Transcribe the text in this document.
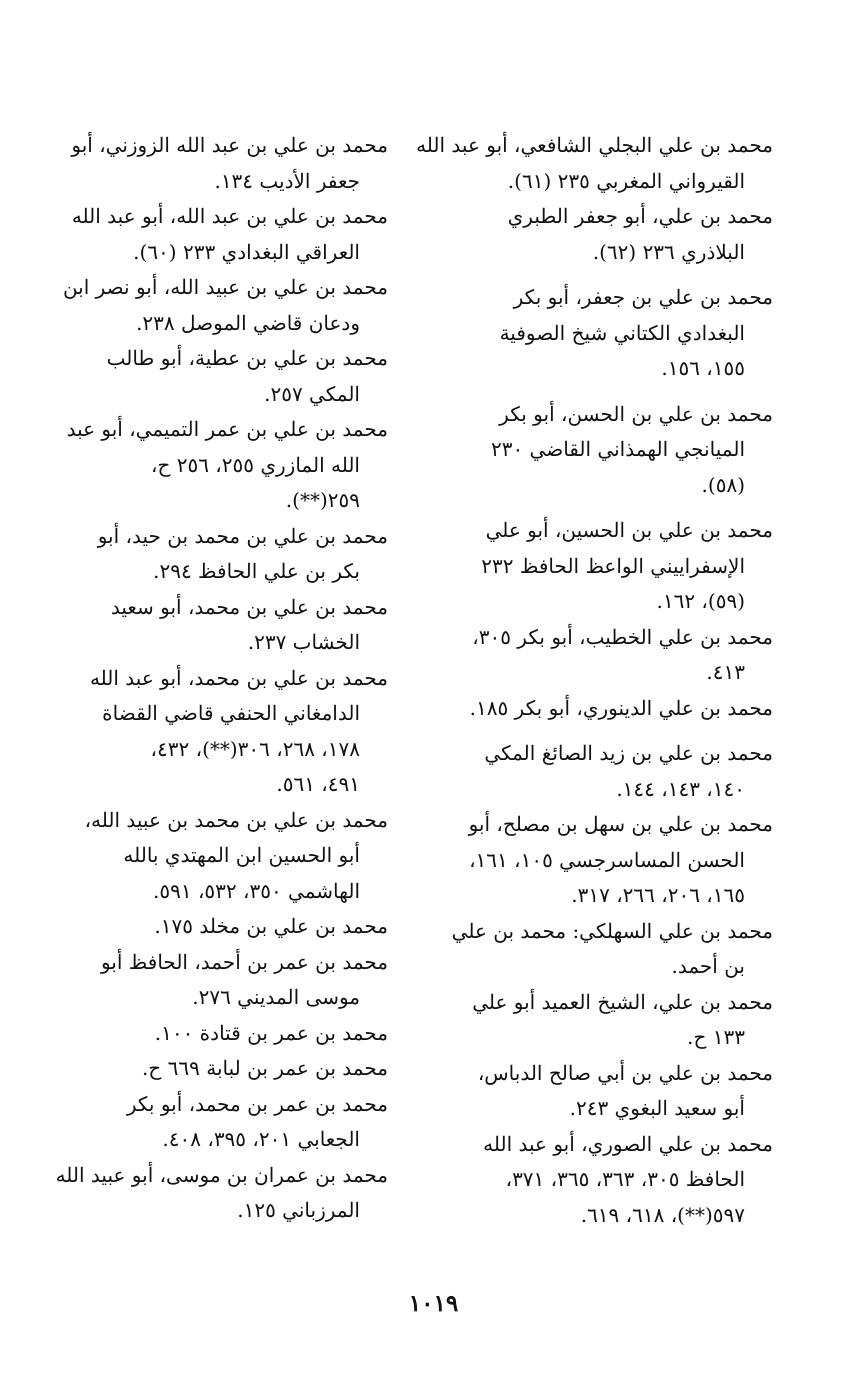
محمد بن علي البجلي الشافعي، أبو عبد الله

القيرواني المغربي ٢٣٥ (٦١).

محمد بن علي، أبو جعفر الطبري

البلاذري ٢٣٦ (٦٢).

محمد بن علي بن جعفر، أبو بكر

البغدادي الكتاني شيخ الصوفية

١٥٥، ١٥٦.

محمد بن علي بن الحسن، أبو بكر

الميانجي الهمذاني القاضي ٢٣٠

(٥٨).

محمد بن علي بن الحسين، أبو علي

الإسفراييني الواعظ الحافظ ٢٣٢

(٥٩)، ١٦٢.

محمد بن علي الخطيب، أبو بكر ٣٠٥،

٤١٣.

محمد بن علي الدينوري، أبو بكر ١٨٥.

محمد بن علي بن زيد الصائغ المكي

١٤٠، ١٤٣، ١٤٤.

محمد بن علي بن سهل بن مصلح، أبو

الحسن المساسرجسي ١٠٥، ١٦١،

١٦٥، ٢٠٦، ٢٦٦، ٣١٧.

محمد بن علي السهلكي: محمد بن علي

بن أحمد.

محمد بن علي، الشيخ العميد أبو علي

١٣٣ ح.

محمد بن علي بن أبي صالح الدباس،

أبو سعيد البغوي ٢٤٣.

محمد بن علي الصوري، أبو عبد الله

الحافظ ٣٠٥، ٣٦٣، ٣٦٥، ٣٧١،

٥٩٧(**)، ٦١٨، ٦١٩.

محمد بن علي بن عبد الله الزوزني، أبو

جعفر الأديب ١٣٤.

محمد بن علي بن عبد الله، أبو عبد الله

العراقي البغدادي ٢٣٣ (٦٠).

محمد بن علي بن عبيد الله، أبو نصر ابن

ودعان قاضي الموصل ٢٣٨.

محمد بن علي بن عطية، أبو طالب

المكي ٢٥٧.

محمد بن علي بن عمر التميمي، أبو عبد

الله المازري ٢٥٥، ٢٥٦ ح،

٢٥٩(**).

محمد بن علي بن محمد بن حيد، أبو

بكر بن علي الحافظ ٢٩٤.

محمد بن علي بن محمد، أبو سعيد

الخشاب ٢٣٧.

محمد بن علي بن محمد، أبو عبد الله

الدامغاني الحنفي قاضي القضاة

١٧٨، ٢٦٨، ٣٠٦(**)، ٤٣٢،

٤٩١، ٥٦١.

محمد بن علي بن محمد بن عبيد الله،

أبو الحسين ابن المهتدي بالله

الهاشمي ٣٥٠، ٥٣٢، ٥٩١.

محمد بن علي بن مخلد ١٧٥.

محمد بن عمر بن أحمد، الحافظ أبو

موسى المديني ٢٧٦.

محمد بن عمر بن قتادة ١٠٠.

محمد بن عمر بن لبابة ٦٦٩ ح.

محمد بن عمر بن محمد، أبو بكر

الجعابي ٢٠١، ٣٩٥، ٤٠٨.

محمد بن عمران بن موسى، أبو عبيد الله

المرزباني ١٢٥.

١٠١٩
